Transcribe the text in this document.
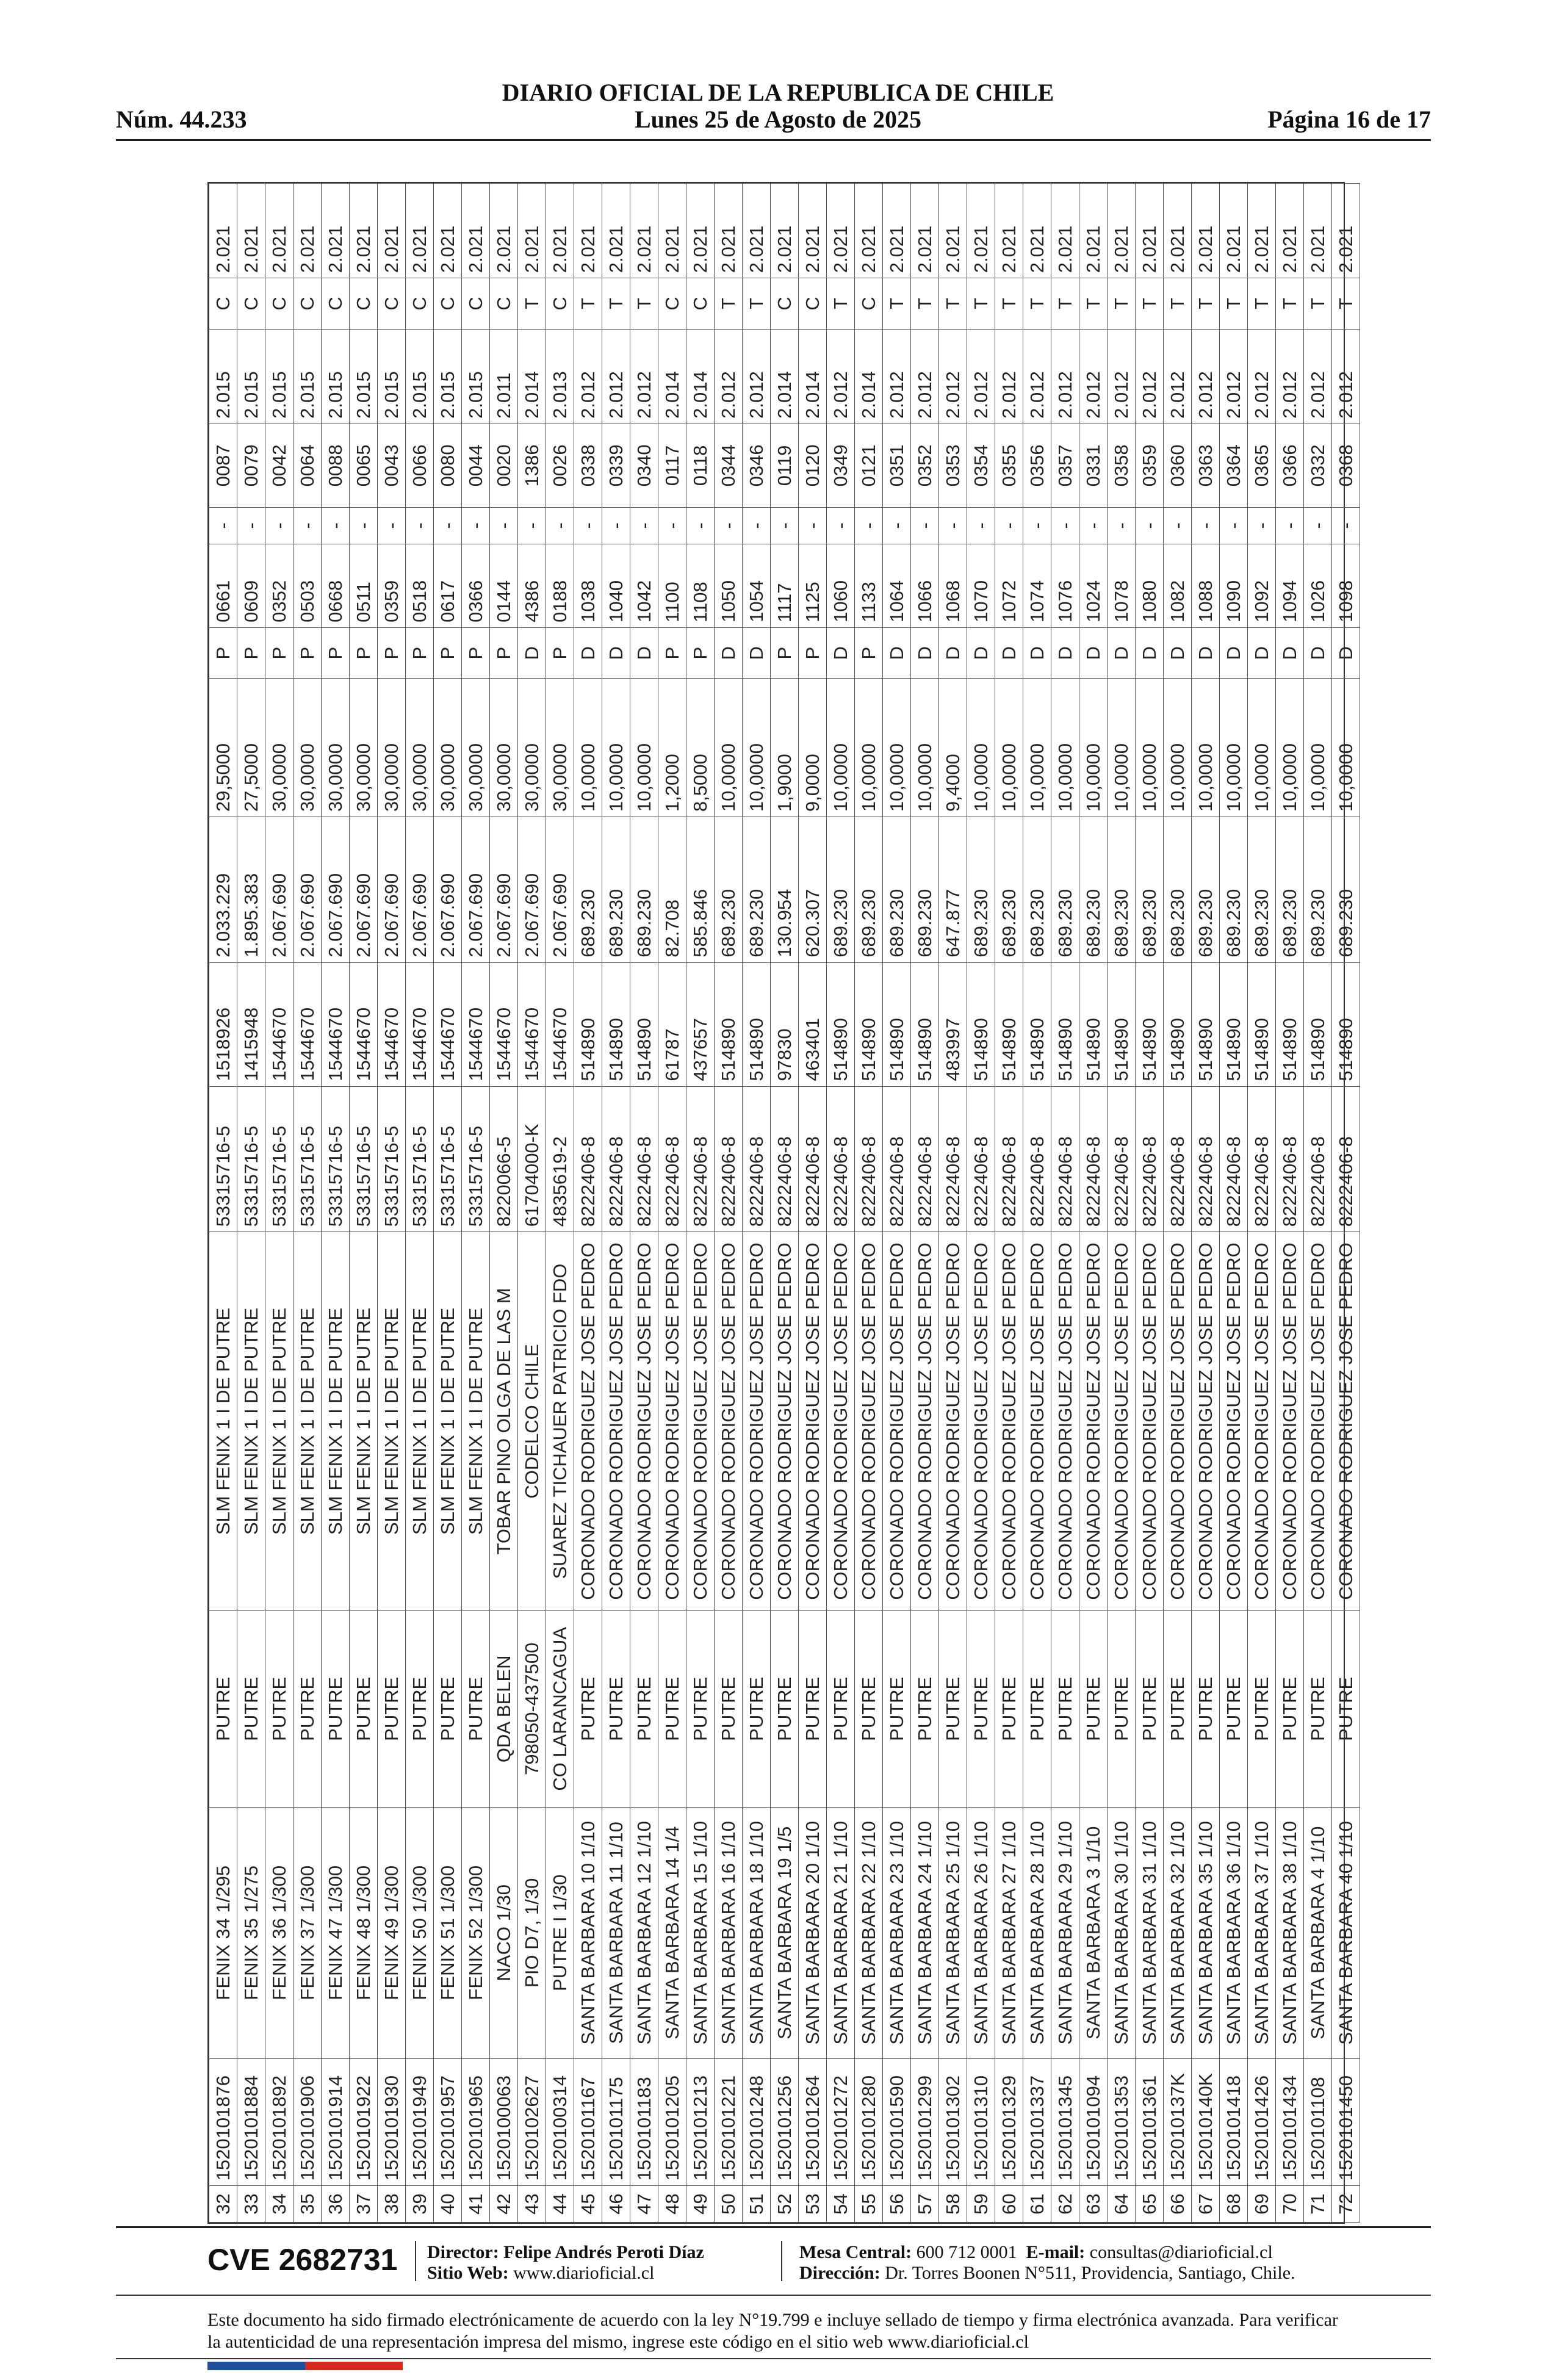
DIARIO OFICIAL DE LA REPUBLICA DE CHILE
Núm. 44.233	Lunes 25 de Agosto de 2025	Página 16 de 17
32	1520101876	FENIX 34 1/295	PUTRE	SLM FENIX 1 I DE PUTRE	53315716-5	1518926	2.033.229	29,5000	P	0661	-	0087	2.015	C	2.021
33	1520101884	FENIX 35 1/275	PUTRE	SLM FENIX 1 I DE PUTRE	53315716-5	1415948	1.895.383	27,5000	P	0609	-	0079	2.015	C	2.021
34	1520101892	FENIX 36 1/300	PUTRE	SLM FENIX 1 I DE PUTRE	53315716-5	1544670	2.067.690	30,0000	P	0352	-	0042	2.015	C	2.021
35	1520101906	FENIX 37 1/300	PUTRE	SLM FENIX 1 I DE PUTRE	53315716-5	1544670	2.067.690	30,0000	P	0503	-	0064	2.015	C	2.021
36	1520101914	FENIX 47 1/300	PUTRE	SLM FENIX 1 I DE PUTRE	53315716-5	1544670	2.067.690	30,0000	P	0668	-	0088	2.015	C	2.021
37	1520101922	FENIX 48 1/300	PUTRE	SLM FENIX 1 I DE PUTRE	53315716-5	1544670	2.067.690	30,0000	P	0511	-	0065	2.015	C	2.021
38	1520101930	FENIX 49 1/300	PUTRE	SLM FENIX 1 I DE PUTRE	53315716-5	1544670	2.067.690	30,0000	P	0359	-	0043	2.015	C	2.021
39	1520101949	FENIX 50 1/300	PUTRE	SLM FENIX 1 I DE PUTRE	53315716-5	1544670	2.067.690	30,0000	P	0518	-	0066	2.015	C	2.021
40	1520101957	FENIX 51 1/300	PUTRE	SLM FENIX 1 I DE PUTRE	53315716-5	1544670	2.067.690	30,0000	P	0617	-	0080	2.015	C	2.021
41	1520101965	FENIX 52 1/300	PUTRE	SLM FENIX 1 I DE PUTRE	53315716-5	1544670	2.067.690	30,0000	P	0366	-	0044	2.015	C	2.021
42	1520100063	NACO 1/30	QDA BELEN	TOBAR PINO OLGA DE LAS M	8220066-5	1544670	2.067.690	30,0000	P	0144	-	0020	2.011	C	2.021
43	1520102627	PIO D7, 1/30	798050-437500	CODELCO CHILE	61704000-K	1544670	2.067.690	30,0000	D	4386	-	1386	2.014	T	2.021
44	1520100314	PUTRE I 1/30	CO LARANCAGUA	SUAREZ TICHAUER PATRICIO FDO	4835619-2	1544670	2.067.690	30,0000	P	0188	-	0026	2.013	C	2.021
45	1520101167	SANTA BARBARA 10 1/10	PUTRE	CORONADO RODRIGUEZ JOSE PEDRO	8222406-8	514890	689.230	10,0000	D	1038	-	0338	2.012	T	2.021
46	1520101175	SANTA BARBARA 11 1/10	PUTRE	CORONADO RODRIGUEZ JOSE PEDRO	8222406-8	514890	689.230	10,0000	D	1040	-	0339	2.012	T	2.021
47	1520101183	SANTA BARBARA 12 1/10	PUTRE	CORONADO RODRIGUEZ JOSE PEDRO	8222406-8	514890	689.230	10,0000	D	1042	-	0340	2.012	T	2.021
48	1520101205	SANTA BARBARA 14 1/4	PUTRE	CORONADO RODRIGUEZ JOSE PEDRO	8222406-8	61787	82.708	1,2000	P	1100	-	0117	2.014	C	2.021
49	1520101213	SANTA BARBARA 15 1/10	PUTRE	CORONADO RODRIGUEZ JOSE PEDRO	8222406-8	437657	585.846	8,5000	P	1108	-	0118	2.014	C	2.021
50	1520101221	SANTA BARBARA 16 1/10	PUTRE	CORONADO RODRIGUEZ JOSE PEDRO	8222406-8	514890	689.230	10,0000	D	1050	-	0344	2.012	T	2.021
51	1520101248	SANTA BARBARA 18 1/10	PUTRE	CORONADO RODRIGUEZ JOSE PEDRO	8222406-8	514890	689.230	10,0000	D	1054	-	0346	2.012	T	2.021
52	1520101256	SANTA BARBARA 19 1/5	PUTRE	CORONADO RODRIGUEZ JOSE PEDRO	8222406-8	97830	130.954	1,9000	P	1117	-	0119	2.014	C	2.021
53	1520101264	SANTA BARBARA 20 1/10	PUTRE	CORONADO RODRIGUEZ JOSE PEDRO	8222406-8	463401	620.307	9,0000	P	1125	-	0120	2.014	C	2.021
54	1520101272	SANTA BARBARA 21 1/10	PUTRE	CORONADO RODRIGUEZ JOSE PEDRO	8222406-8	514890	689.230	10,0000	D	1060	-	0349	2.012	T	2.021
55	1520101280	SANTA BARBARA 22 1/10	PUTRE	CORONADO RODRIGUEZ JOSE PEDRO	8222406-8	514890	689.230	10,0000	P	1133	-	0121	2.014	C	2.021
56	1520101590	SANTA BARBARA 23 1/10	PUTRE	CORONADO RODRIGUEZ JOSE PEDRO	8222406-8	514890	689.230	10,0000	D	1064	-	0351	2.012	T	2.021
57	1520101299	SANTA BARBARA 24 1/10	PUTRE	CORONADO RODRIGUEZ JOSE PEDRO	8222406-8	514890	689.230	10,0000	D	1066	-	0352	2.012	T	2.021
58	1520101302	SANTA BARBARA 25 1/10	PUTRE	CORONADO RODRIGUEZ JOSE PEDRO	8222406-8	483997	647.877	9,4000	D	1068	-	0353	2.012	T	2.021
59	1520101310	SANTA BARBARA 26 1/10	PUTRE	CORONADO RODRIGUEZ JOSE PEDRO	8222406-8	514890	689.230	10,0000	D	1070	-	0354	2.012	T	2.021
60	1520101329	SANTA BARBARA 27 1/10	PUTRE	CORONADO RODRIGUEZ JOSE PEDRO	8222406-8	514890	689.230	10,0000	D	1072	-	0355	2.012	T	2.021
61	1520101337	SANTA BARBARA 28 1/10	PUTRE	CORONADO RODRIGUEZ JOSE PEDRO	8222406-8	514890	689.230	10,0000	D	1074	-	0356	2.012	T	2.021
62	1520101345	SANTA BARBARA 29 1/10	PUTRE	CORONADO RODRIGUEZ JOSE PEDRO	8222406-8	514890	689.230	10,0000	D	1076	-	0357	2.012	T	2.021
63	1520101094	SANTA BARBARA 3 1/10	PUTRE	CORONADO RODRIGUEZ JOSE PEDRO	8222406-8	514890	689.230	10,0000	D	1024	-	0331	2.012	T	2.021
64	1520101353	SANTA BARBARA 30 1/10	PUTRE	CORONADO RODRIGUEZ JOSE PEDRO	8222406-8	514890	689.230	10,0000	D	1078	-	0358	2.012	T	2.021
65	1520101361	SANTA BARBARA 31 1/10	PUTRE	CORONADO RODRIGUEZ JOSE PEDRO	8222406-8	514890	689.230	10,0000	D	1080	-	0359	2.012	T	2.021
66	152010137K	SANTA BARBARA 32 1/10	PUTRE	CORONADO RODRIGUEZ JOSE PEDRO	8222406-8	514890	689.230	10,0000	D	1082	-	0360	2.012	T	2.021
67	152010140K	SANTA BARBARA 35 1/10	PUTRE	CORONADO RODRIGUEZ JOSE PEDRO	8222406-8	514890	689.230	10,0000	D	1088	-	0363	2.012	T	2.021
68	1520101418	SANTA BARBARA 36 1/10	PUTRE	CORONADO RODRIGUEZ JOSE PEDRO	8222406-8	514890	689.230	10,0000	D	1090	-	0364	2.012	T	2.021
69	1520101426	SANTA BARBARA 37 1/10	PUTRE	CORONADO RODRIGUEZ JOSE PEDRO	8222406-8	514890	689.230	10,0000	D	1092	-	0365	2.012	T	2.021
70	1520101434	SANTA BARBARA 38 1/10	PUTRE	CORONADO RODRIGUEZ JOSE PEDRO	8222406-8	514890	689.230	10,0000	D	1094	-	0366	2.012	T	2.021
71	1520101108	SANTA BARBARA 4 1/10	PUTRE	CORONADO RODRIGUEZ JOSE PEDRO	8222406-8	514890	689.230	10,0000	D	1026	-	0332	2.012	T	2.021
72	1520101450	SANTA BARBARA 40 1/10	PUTRE	CORONADO RODRIGUEZ JOSE PEDRO	8222406-8	514890	689.230	10,0000	D	1098	-	0368	2.012	T	2.021
CVE 2682731 Director: Felipe Andrés Peroti Díaz
Sitio Web: www.diarioficial.cl
Mesa Central: 600 712 0001 E-mail: consultas@diarioficial.cl
Dirección: Dr. Torres Boonen N°511, Providencia, Santiago, Chile.
Este documento ha sido firmado electrónicamente de acuerdo con la ley N°19.799 e incluye sellado de tiempo y firma electrónica avanzada. Para verificar la autenticidad de una representación impresa del mismo, ingrese este código en el sitio web www.diarioficial.cl
